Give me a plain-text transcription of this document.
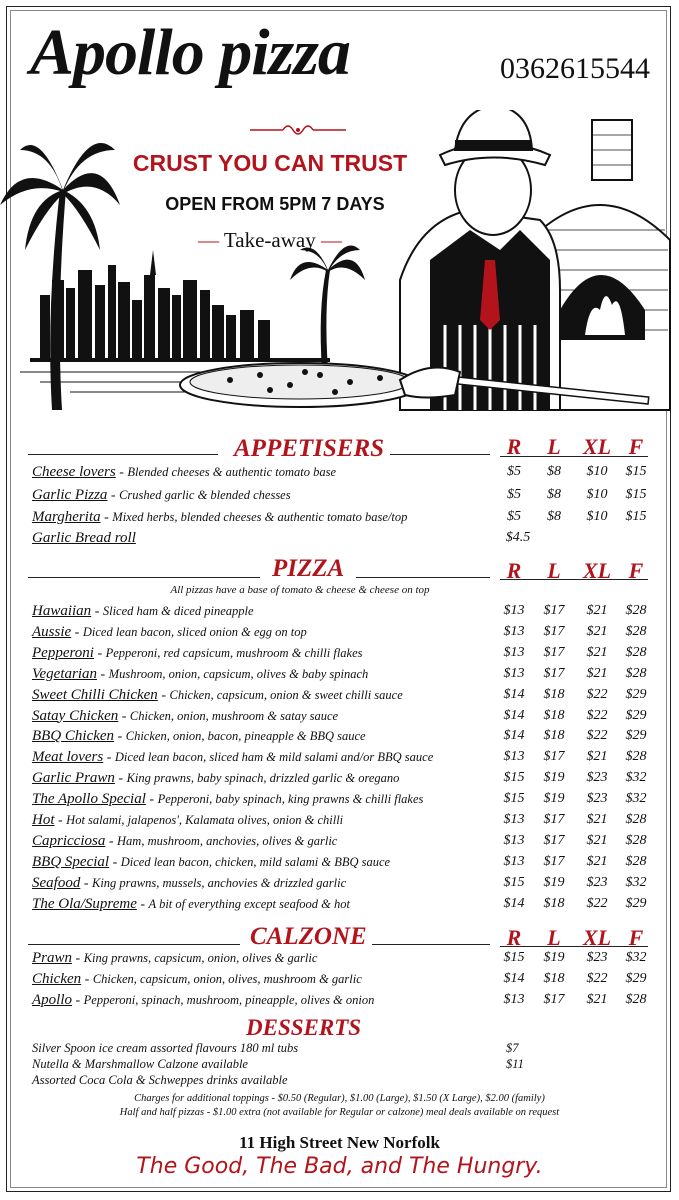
Apollo pizza	0362615544
CRUST YOU CAN TRUST
OPEN FROM 5PM 7 DAYS
— Take-away —
APPETISERS	R	L	XL F
Cheese lovers - Blended cheeses & authentic tomato base	$5	$8	$10	$15
Garlic Pizza - Crushed garlic & blended chesses	$5	$8	$10	$15
Margherita - Mixed herbs, blended cheeses & authentic tomato base/top	$5	$8	$10	$15
Garlic Bread roll	$4.5
PIZZA	R	L	XL F
All pizzas have a base of tomato & cheese & cheese on top
Hawaiian - Sliced ham & diced pineapple	$13	$17	$21	$28
Aussie - Diced lean bacon, sliced onion & egg on top	$13	$17	$21	$28
Pepperoni - Pepperoni, red capsicum, mushroom & chilli flakes	$13	$17	$21	$28
Vegetarian - Mushroom, onion, capsicum, olives & baby spinach	$13	$17	$21	$28
Sweet Chilli Chicken - Chicken, capsicum, onion & sweet chilli sauce	$14	$18	$22	$29
Satay Chicken - Chicken, onion, mushroom & satay sauce	$14	$18	$22	$29
BBQ Chicken - Chicken, onion, bacon, pineapple & BBQ sauce	$14	$18	$22	$29
Meat lovers - Diced lean bacon, sliced ham & mild salami and/or BBQ sauce	$13	$17	$21	$28
Garlic Prawn - King prawns, baby spinach, drizzled garlic & oregano	$15	$19	$23	$32
The Apollo Special - Pepperoni, baby spinach, king prawns & chilli flakes	$15	$19	$23	$32
Hot - Hot salami, jalapenos', Kalamata olives, onion & chilli	$13	$17	$21	$28
Capricciosa - Ham, mushroom, anchovies, olives & garlic	$13	$17	$21	$28
BBQ Special - Diced lean bacon, chicken, mild salami & BBQ sauce	$13	$17	$21	$28
Seafood - King prawns, mussels, anchovies & drizzled garlic	$15	$19	$23	$32
The Ola/Supreme - A bit of everything except seafood & hot	$14	$18	$22	$29
CALZONE	R	L	XL F
Prawn - King prawns, capsicum, onion, olives & garlic	$15	$19	$23	$32
Chicken - Chicken, capsicum, onion, olives, mushroom & garlic	$14	$18	$22	$29
Apollo - Pepperoni, spinach, mushroom, pineapple, olives & onion	$13	$17	$21	$28
DESSERTS
Silver Spoon ice cream assorted flavours 180 ml tubs	$7
Nutella & Marshmallow Calzone available	$11
Assorted Coca Cola & Schweppes drinks available
Charges for additional toppings - $0.50 (Regular), $1.00 (Large), $1.50 (X Large), $2.00 (family)
Half and half pizzas - $1.00 extra (not available for Regular or calzone) meal deals available on request
11 High Street New Norfolk
The Good, The Bad, and The Hungry.
